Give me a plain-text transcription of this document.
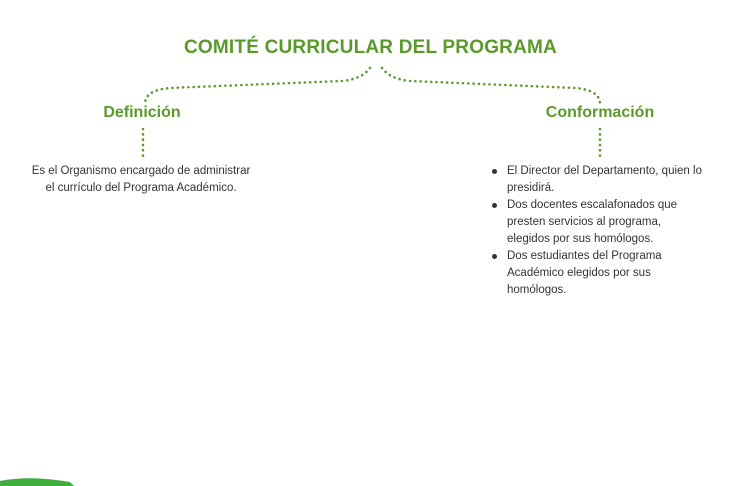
COMITÉ CURRICULAR DEL PROGRAMA
Definición	Conformación

Es el Organismo encargado de administrar el currículo del Programa Académico.

El Director del Departamento, quien lo presidirá.
Dos docentes escalafonados que presten servicios al programa, elegidos por sus homólogos.
Dos estudiantes del Programa Académico elegidos por sus homólogos.
